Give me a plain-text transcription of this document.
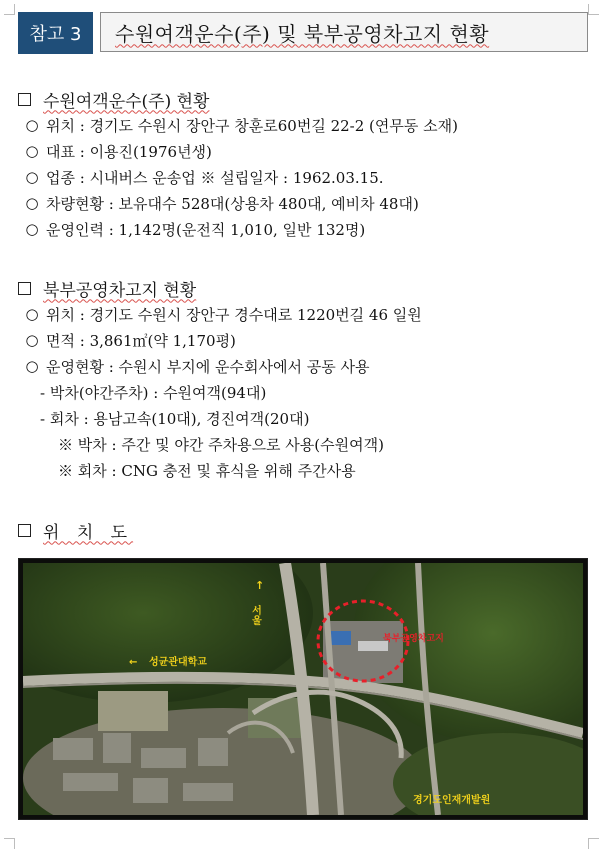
참고 3	수원여객운수(주) 및 북부공영차고지 현황
수원여객운수(주) 현황
○ 위치 : 경기도 수원시 장안구 창훈로60번길 22-2 (연무동 소재)
○ 대표 : 이용진(1976년생)
○ 업종 : 시내버스 운송업 ※ 설립일자 : 1962.03.15.
○ 차량현황 : 보유대수 528대(상용차 480대, 예비차 48대)
○ 운영인력 : 1,142명(운전직 1,010, 일반 132명)
북부공영차고지 현황
○ 위치 : 경기도 수원시 장안구 경수대로 1220번길 46 일원
○ 면적 : 3,861㎡(약 1,170평)
○ 운영현황 : 수원시 부지에 운수회사에서 공동 사용
- 박차(야간주차) : 수원여객(94대)
- 회차 : 용남고속(10대), 경진여객(20대)
※ 박차 : 주간 및 야간 주차용으로 사용(수원여객)
※ 회차 : CNG 충전 및 휴식을 위해 주간사용
위 치 도
북부공영차고지
← 성균관대학교
↑
서울
경기도인재개발원
